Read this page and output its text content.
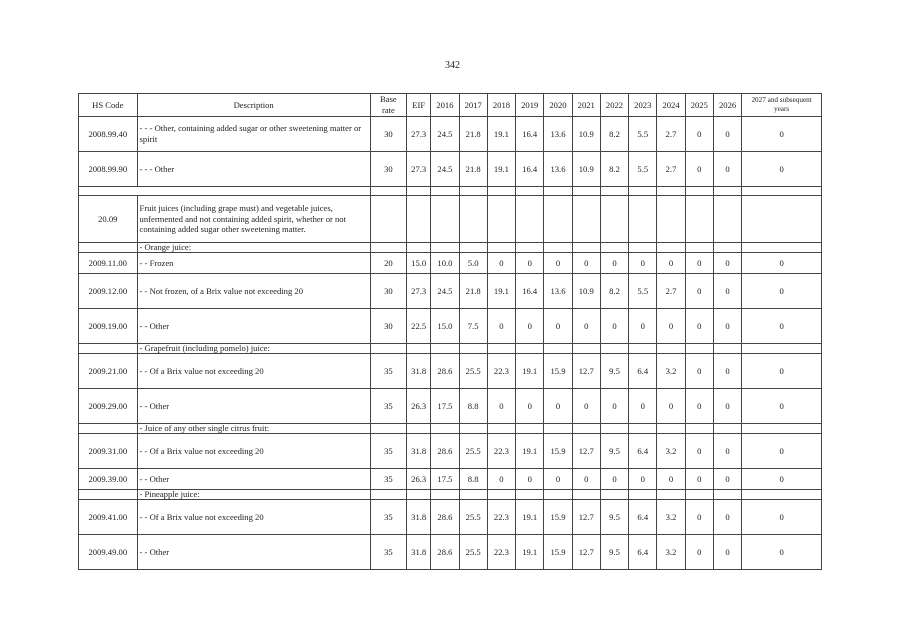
342
HS Code	Description	Base rate	EIF	2016	2017	2018	2019	2020	2021	2022	2023	2024	2025	2026	2027 and subsequent years
2008.99.40	- - - Other, containing added sugar or other sweetening matter or spirit	30	27.3	24.5	21.8	19.1	16.4	13.6	10.9	8.2	5.5	2.7	0	0	0
2008.99.90	- - - Other	30	27.3	24.5	21.8	19.1	16.4	13.6	10.9	8.2	5.5	2.7	0	0	0

20.09	Fruit juices (including grape must) and vegetable juices, unfermented and not containing added spirit, whether or not containing added sugar other sweetening matter.														
	- Orange juice:														
2009.11.00	- - Frozen	20	15.0	10.0	5.0	0	0	0	0	0	0	0	0	0	0
2009.12.00	- - Not frozen, of a Brix value not exceeding 20	30	27.3	24.5	21.8	19.1	16.4	13.6	10.9	8.2	5.5	2.7	0	0	0
2009.19.00	- - Other	30	22.5	15.0	7.5	0	0	0	0	0	0	0	0	0	0
	- Grapefruit (including pomelo) juice:														
2009.21.00	- - Of a Brix value not exceeding 20	35	31.8	28.6	25.5	22.3	19.1	15.9	12.7	9.5	6.4	3.2	0	0	0
2009.29.00	- - Other	35	26.3	17.5	8.8	0	0	0	0	0	0	0	0	0	0
	- Juice of any other single citrus fruit:														
2009.31.00	- - Of a Brix value not exceeding 20	35	31.8	28.6	25.5	22.3	19.1	15.9	12.7	9.5	6.4	3.2	0	0	0
2009.39.00	- - Other	35	26.3	17.5	8.8	0	0	0	0	0	0	0	0	0	0
	- Pineapple juice:														
2009.41.00	- - Of a Brix value not exceeding 20	35	31.8	28.6	25.5	22.3	19.1	15.9	12.7	9.5	6.4	3.2	0	0	0
2009.49.00	- - Other	35	31.8	28.6	25.5	22.3	19.1	15.9	12.7	9.5	6.4	3.2	0	0	0
